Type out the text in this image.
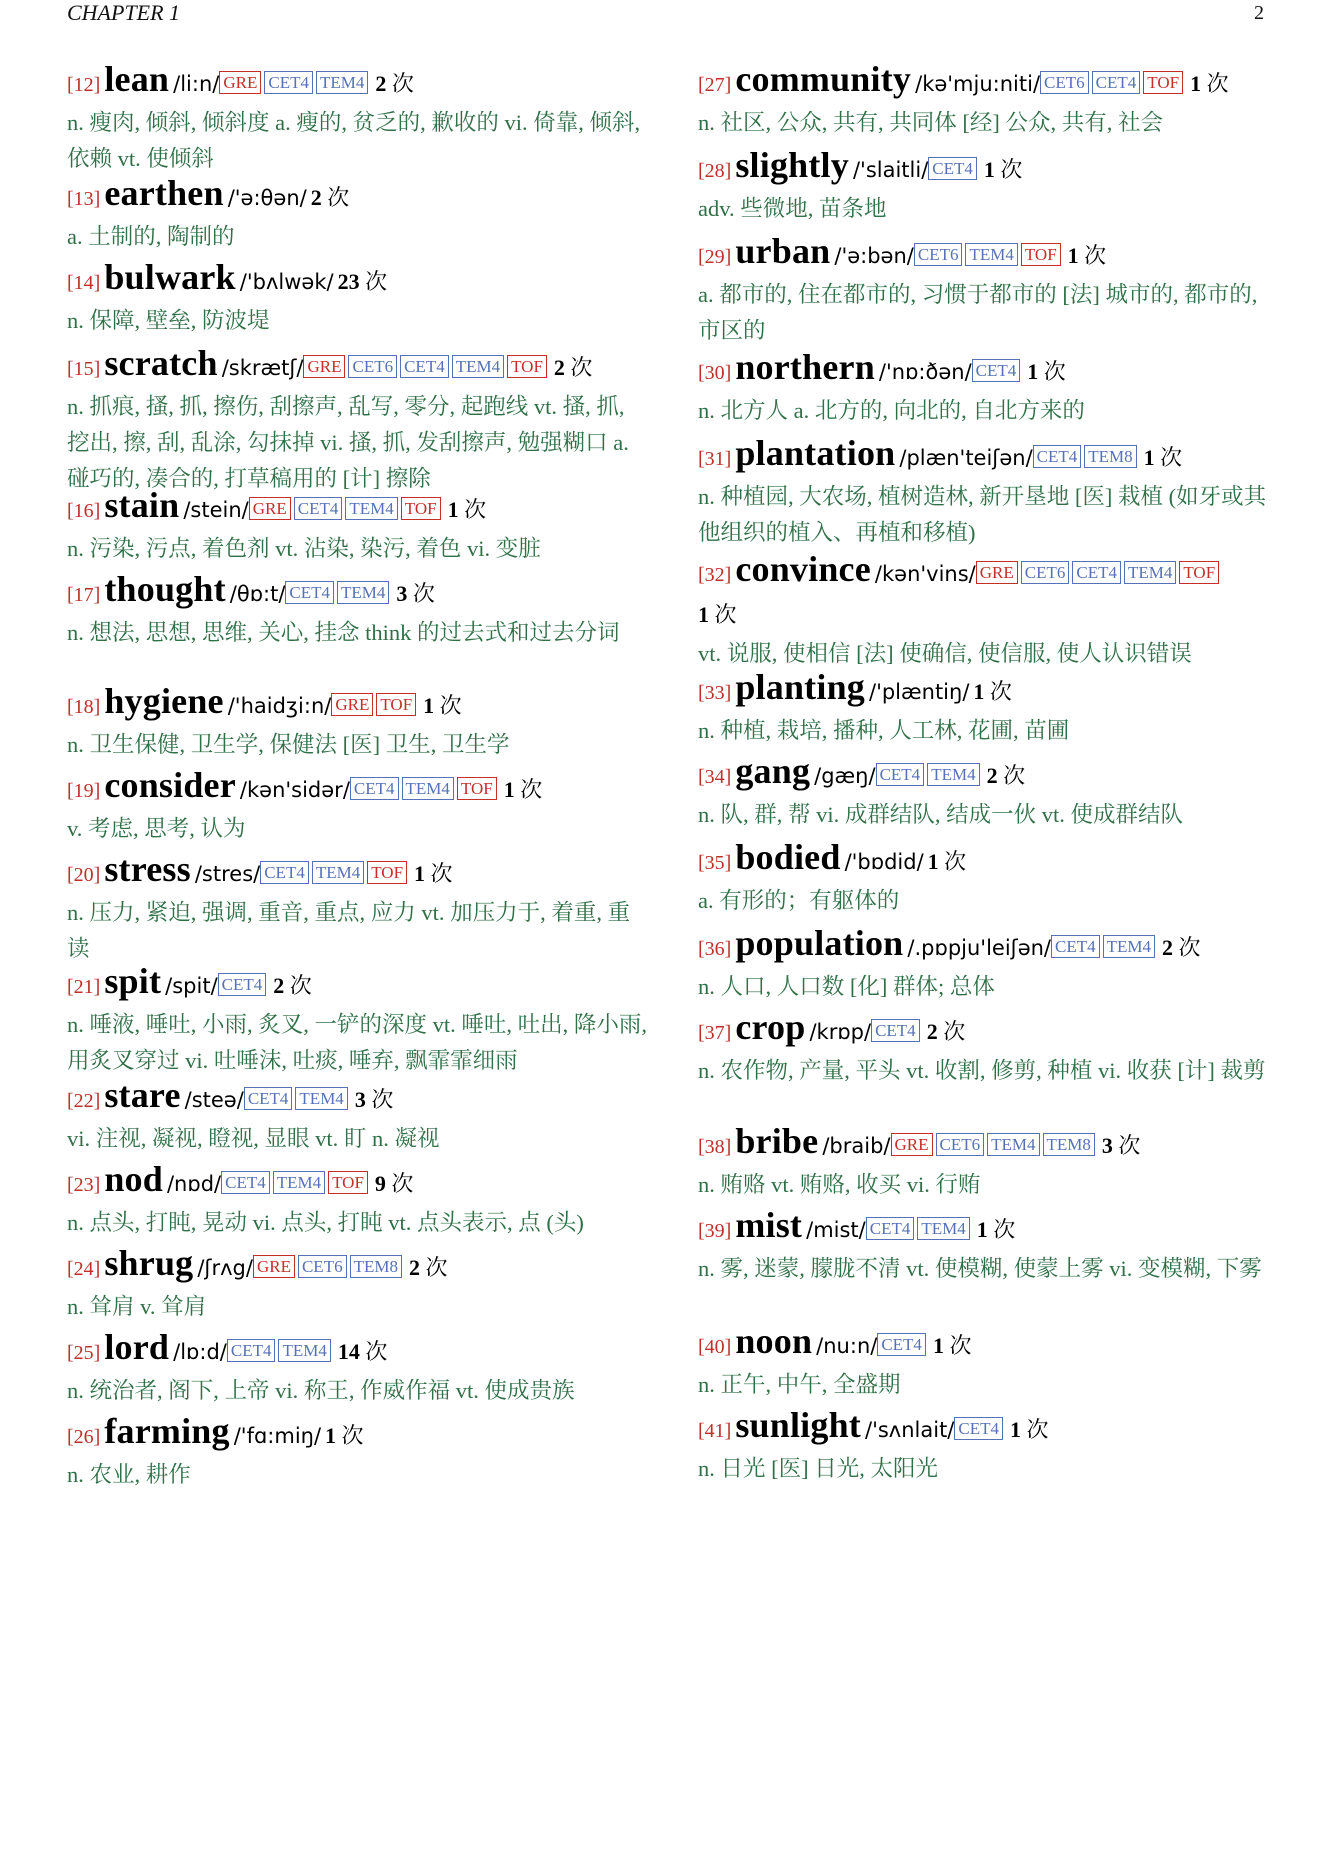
CHAPTER 1	2
[12] lean /li:n/ GRE CET4 TEM4 2 次
n. 瘦肉, 倾斜, 倾斜度 a. 瘦的, 贫乏的, 歉收的 vi. 倚靠, 倾斜, 依赖 vt. 使倾斜
[13] earthen /'ə:θən/ 2 次
a. 土制的, 陶制的
[14] bulwark /'bʌlwək/ 23 次
n. 保障, 壁垒, 防波堤
[15] scratch /skrætʃ/ GRE CET6 CET4 TEM4 TOF 2 次
n. 抓痕, 搔, 抓, 擦伤, 刮擦声, 乱写, 零分, 起跑线 vt. 搔, 抓, 挖出, 擦, 刮, 乱涂, 勾抹掉 vi. 搔, 抓, 发刮擦声, 勉强糊口 a. 碰巧的, 凑合的, 打草稿用的 [计] 擦除
[16] stain /stein/ GRE CET4 TEM4 TOF 1 次
n. 污染, 污点, 着色剂 vt. 沾染, 染污, 着色 vi. 变脏
[17] thought /θɒ:t/ CET4 TEM4 3 次
n. 想法, 思想, 思维, 关心, 挂念 think 的过去式和过去分词
[18] hygiene /'haidʒi:n/ GRE TOF 1 次
n. 卫生保健, 卫生学, 保健法 [医] 卫生, 卫生学
[19] consider /kən'sidər/ CET4 TEM4 TOF 1 次
v. 考虑, 思考, 认为
[20] stress /stres/ CET4 TEM4 TOF 1 次
n. 压力, 紧迫, 强调, 重音, 重点, 应力 vt. 加压力于, 着重, 重读
[21] spit /spit/ CET4 2 次
n. 唾液, 唾吐, 小雨, 炙叉, 一铲的深度 vt. 唾吐, 吐出, 降小雨, 用炙叉穿过 vi. 吐唾沫, 吐痰, 唾弃, 飘霏霏细雨
[22] stare /steə/ CET4 TEM4 3 次
vi. 注视, 凝视, 瞪视, 显眼 vt. 盯 n. 凝视
[23] nod /nɒd/ CET4 TEM4 TOF 9 次
n. 点头, 打盹, 晃动 vi. 点头, 打盹 vt. 点头表示, 点 (头)
[24] shrug /ʃrʌg/ GRE CET6 TEM8 2 次
n. 耸肩 v. 耸肩
[25] lord /lɒ:d/ CET4 TEM4 14 次
n. 统治者, 阁下, 上帝 vi. 称王, 作威作福 vt. 使成贵族
[26] farming /'fɑ:miŋ/ 1 次
n. 农业, 耕作
[27] community /kə'mju:niti/ CET6 CET4 TOF 1 次
n. 社区, 公众, 共有, 共同体 [经] 公众, 共有, 社会
[28] slightly /'slaitli/ CET4 1 次
adv. 些微地, 苗条地
[29] urban /'ə:bən/ CET6 TEM4 TOF 1 次
a. 都市的, 住在都市的, 习惯于都市的 [法] 城市的, 都市的, 市区的
[30] northern /'nɒ:ðən/ CET4 1 次
n. 北方人 a. 北方的, 向北的, 自北方来的
[31] plantation /plæn'teiʃən/ CET4 TEM8 1 次
n. 种植园, 大农场, 植树造林, 新开垦地 [医] 栽植 (如牙或其他组织的植入、再植和移植)
[32] convince /kən'vins/ GRE CET6 CET4 TEM4 TOF
1 次
vt. 说服, 使相信 [法] 使确信, 使信服, 使人认识错误
[33] planting /'plæntiŋ/ 1 次
n. 种植, 栽培, 播种, 人工林, 花圃, 苗圃
[34] gang /gæŋ/ CET4 TEM4 2 次
n. 队, 群, 帮 vi. 成群结队, 结成一伙 vt. 使成群结队
[35] bodied /'bɒdid/ 1 次
a. 有形的；有躯体的
[36] population /.pɒpju'leiʃən/ CET4 TEM4 2 次
n. 人口, 人口数 [化] 群体; 总体
[37] crop /krɒp/ CET4 2 次
n. 农作物, 产量, 平头 vt. 收割, 修剪, 种植 vi. 收获 [计] 裁剪
[38] bribe /braib/ GRE CET6 TEM4 TEM8 3 次
n. 贿赂 vt. 贿赂, 收买 vi. 行贿
[39] mist /mist/ CET4 TEM4 1 次
n. 雾, 迷蒙, 朦胧不清 vt. 使模糊, 使蒙上雾 vi. 变模糊, 下雾
[40] noon /nu:n/ CET4 1 次
n. 正午, 中午, 全盛期
[41] sunlight /'sʌnlait/ CET4 1 次
n. 日光 [医] 日光, 太阳光
